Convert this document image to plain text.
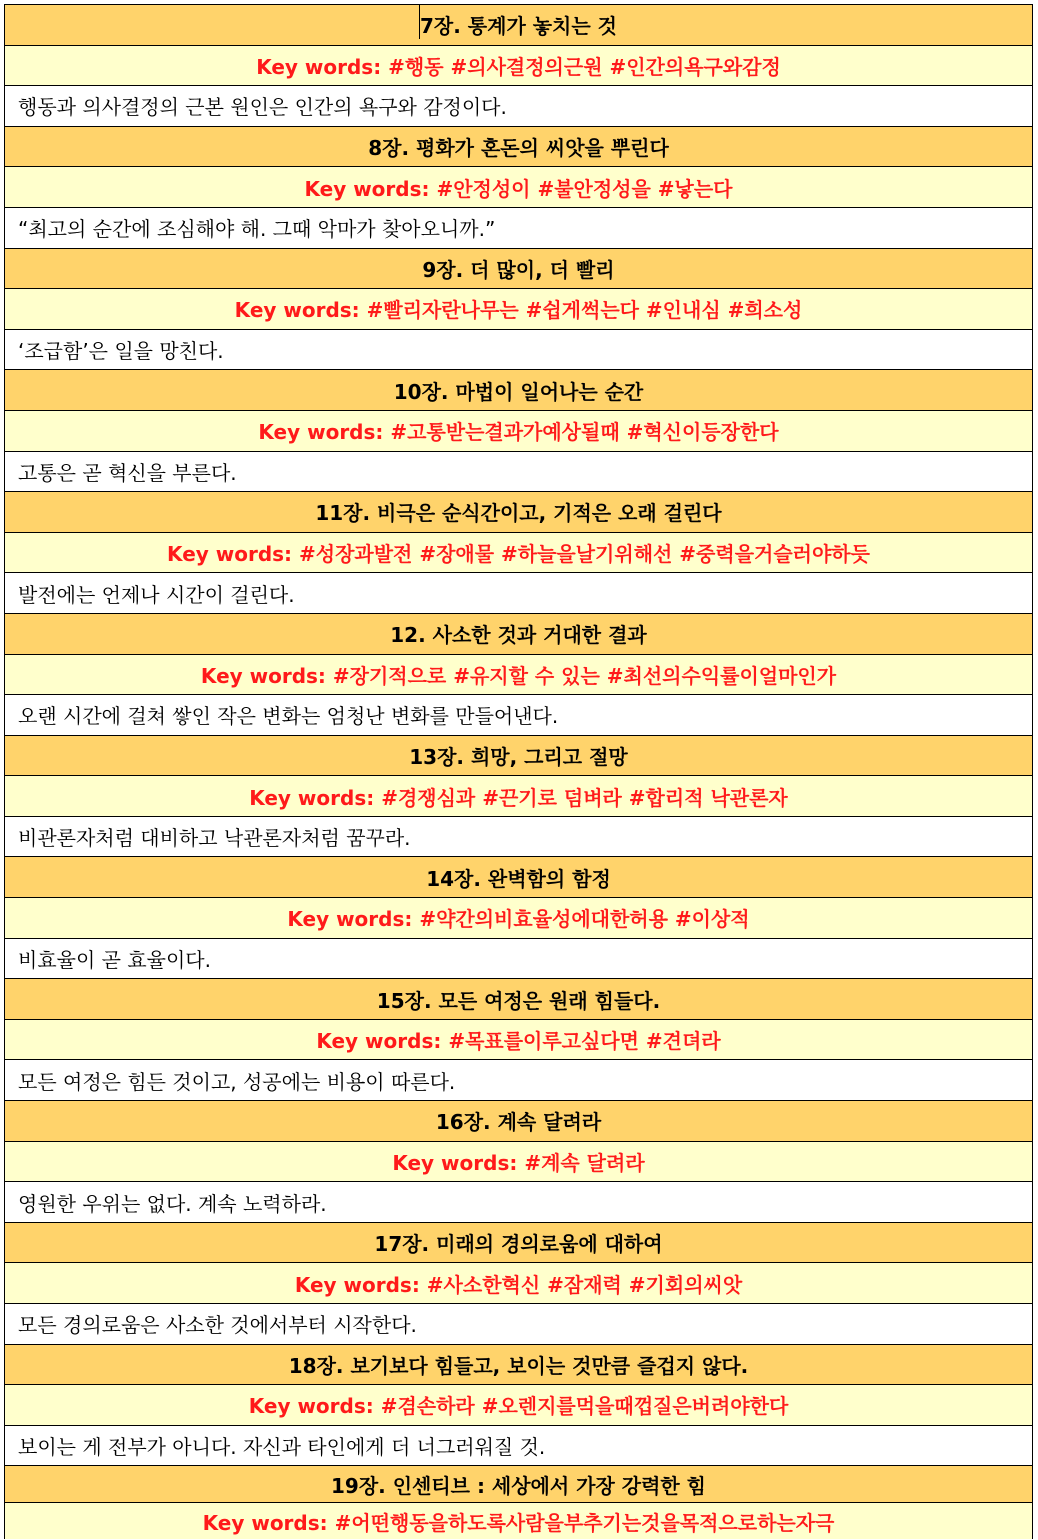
7장. 통계가 놓치는 것
Key words: #행동 #의사결정의근원 #인간의욕구와감정
행동과 의사결정의 근본 원인은 인간의 욕구와 감정이다.
8장. 평화가 혼돈의 씨앗을 뿌린다
Key words: #안정성이 #불안정성을 #낳는다
“최고의 순간에 조심해야 해. 그때 악마가 찾아오니까.”
9장. 더 많이, 더 빨리
Key words: #빨리자란나무는 #쉽게썩는다 #인내심 #희소성
‘조급함’은 일을 망친다.
10장. 마법이 일어나는 순간
Key words: #고통받는결과가예상될때 #혁신이등장한다
고통은 곧 혁신을 부른다.
11장. 비극은 순식간이고, 기적은 오래 걸린다
Key words: #성장과발전 #장애물 #하늘을날기위해선 #중력을거슬러야하듯
발전에는 언제나 시간이 걸린다.
12. 사소한 것과 거대한 결과
Key words: #장기적으로 #유지할 수 있는 #최선의수익률이얼마인가
오랜 시간에 걸쳐 쌓인 작은 변화는 엄청난 변화를 만들어낸다.
13장. 희망, 그리고 절망
Key words: #경쟁심과 #끈기로 덤벼라 #합리적 낙관론자
비관론자처럼 대비하고 낙관론자처럼 꿈꾸라.
14장. 완벽함의 함정
Key words: #약간의비효율성에대한허용 #이상적
비효율이 곧 효율이다.
15장. 모든 여정은 원래 힘들다.
Key words: #목표를이루고싶다면 #견뎌라
모든 여정은 힘든 것이고, 성공에는 비용이 따른다.
16장. 계속 달려라
Key words: #계속 달려라
영원한 우위는 없다. 계속 노력하라.
17장. 미래의 경의로움에 대하여
Key words: #사소한혁신 #잠재력 #기회의씨앗
모든 경의로움은 사소한 것에서부터 시작한다.
18장. 보기보다 힘들고, 보이는 것만큼 즐겁지 않다.
Key words: #겸손하라 #오렌지를먹을때껍질은버려야한다
보이는 게 전부가 아니다. 자신과 타인에게 더 너그러워질 것.
19장. 인센티브 : 세상에서 가장 강력한 힘
Key words: #어떤행동을하도록사람을부추기는것을목적으로하는자극
